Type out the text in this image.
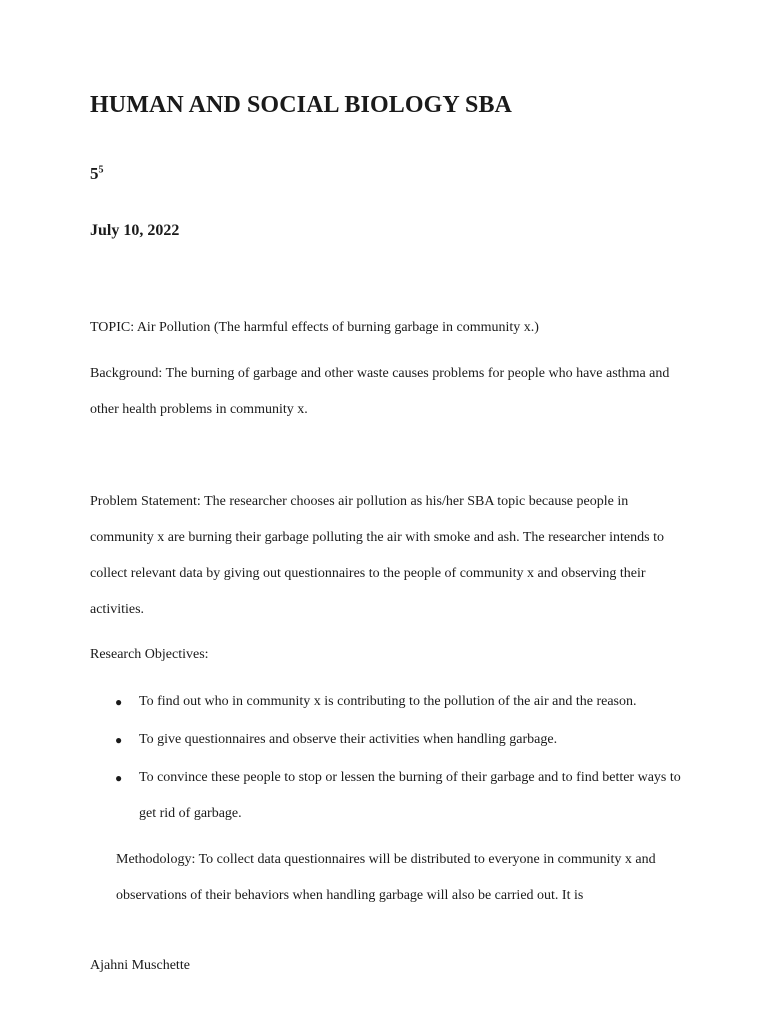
HUMAN AND SOCIAL BIOLOGY SBA
$5^5$
July 10, 2022

TOPIC: Air Pollution (The harmful effects of burning garbage in community x.)

Background: The burning of garbage and other waste causes problems for people who have asthma and other health problems in community x.

Problem Statement: The researcher chooses air pollution as his/her SBA topic because people in community x are burning their garbage polluting the air with smoke and ash. The researcher intends to collect relevant data by giving out questionnaires to the people of community x and observing their activities.

Research Objectives:

● To find out who in community x is contributing to the pollution of the air and the reason.
● To give questionnaires and observe their activities when handling garbage.
● To convince these people to stop or lessen the burning of their garbage and to find better ways to get rid of garbage.

Methodology: To collect data questionnaires will be distributed to everyone in community x and observations of their behaviors when handling garbage will also be carried out. It is

Ajahni Muschette
